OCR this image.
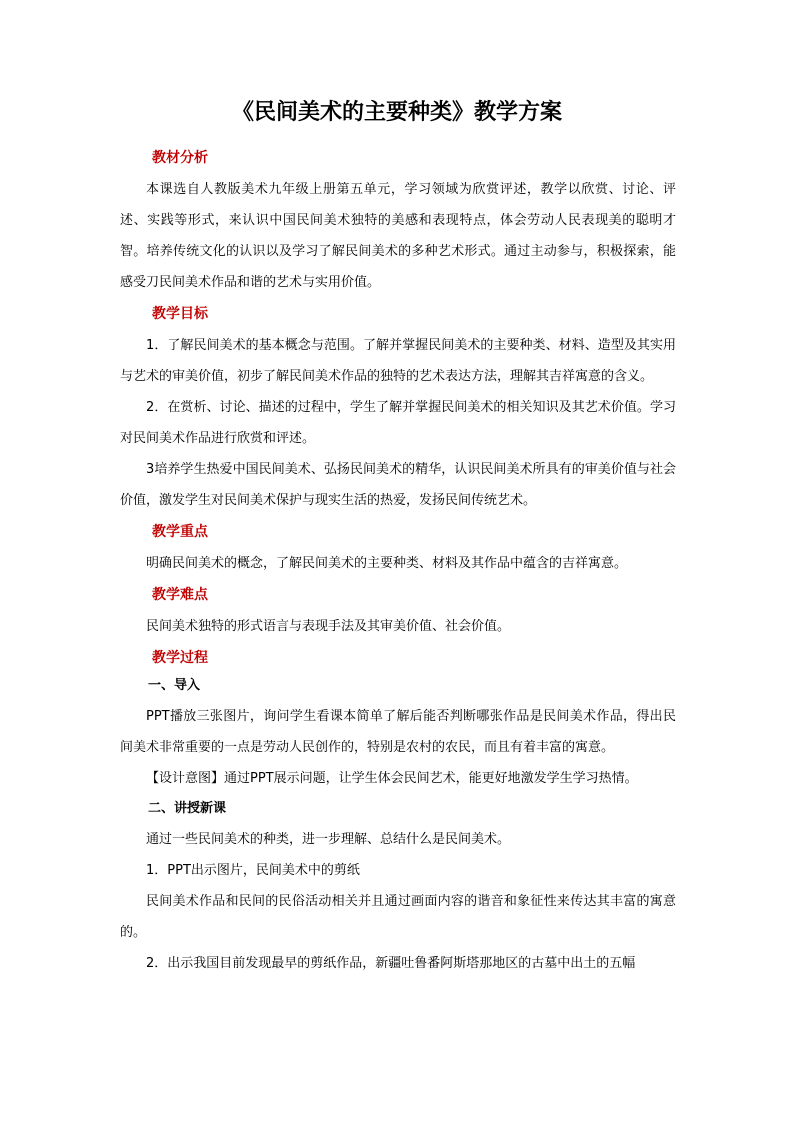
《民间美术的主要种类》教学方案
教材分析

本课选自人教版美术九年级上册第五单元，学习领域为欣赏评述，教学以欣赏、讨论、评述、实践等形式，来认识中国民间美术独特的美感和表现特点，体会劳动人民表现美的聪明才智。培养传统文化的认识以及学习了解民间美术的多种艺术形式。通过主动参与，积极探索，能感受刀民间美术作品和谐的艺术与实用价值。

教学目标

1．了解民间美术的基本概念与范围。了解并掌握民间美术的主要种类、材料、造型及其实用与艺术的审美价值，初步了解民间美术作品的独特的艺术表达方法，理解其吉祥寓意的含义。

2．在赏析、讨论、描述的过程中，学生了解并掌握民间美术的相关知识及其艺术价值。学习对民间美术作品进行欣赏和评述。

3培养学生热爱中国民间美术、弘扬民间美术的精华，认识民间美术所具有的审美价值与社会价值，激发学生对民间美术保护与现实生活的热爱，发扬民间传统艺术。

教学重点

明确民间美术的概念，了解民间美术的主要种类、材料及其作品中蕴含的吉祥寓意。

教学难点

民间美术独特的形式语言与表现手法及其审美价值、社会价值。

教学过程
一、导入

PPT播放三张图片，询问学生看课本简单了解后能否判断哪张作品是民间美术作品，得出民间美术非常重要的一点是劳动人民创作的，特别是农村的农民，而且有着丰富的寓意。

【设计意图】通过PPT展示问题，让学生体会民间艺术，能更好地激发学生学习热情。

二、讲授新课

通过一些民间美术的种类，进一步理解、总结什么是民间美术。

1．PPT出示图片，民间美术中的剪纸

民间美术作品和民间的民俗活动相关并且通过画面内容的谐音和象征性来传达其丰富的寓意的。

2．出示我国目前发现最早的剪纸作品，新疆吐鲁番阿斯塔那地区的古墓中出土的五幅
